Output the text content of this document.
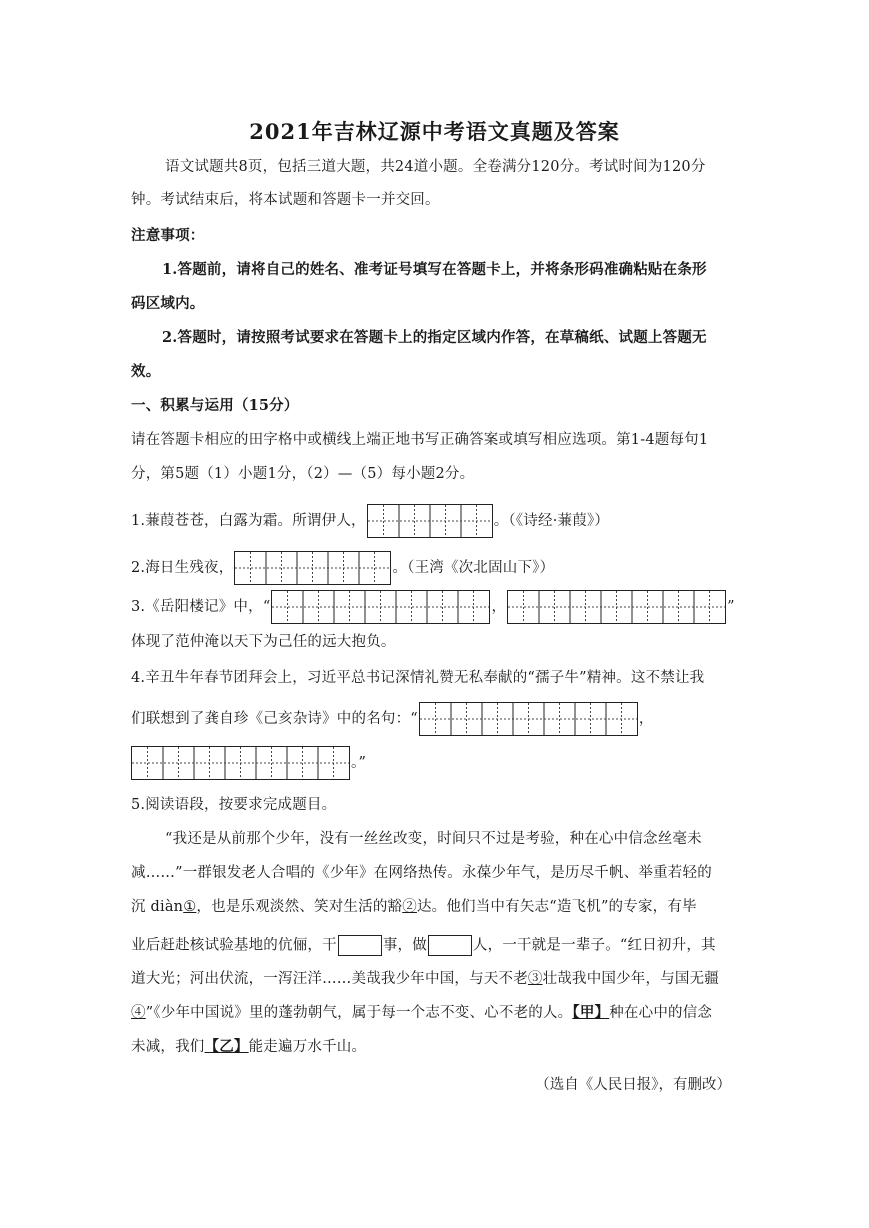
2021年吉林辽源中考语文真题及答案
语文试题共8页，包括三道大题，共24道小题。全卷满分120分。考试时间为120分
钟。考试结束后，将本试题和答题卡一并交回。
注意事项：
1.答题前，请将自己的姓名、准考证号填写在答题卡上，并将条形码准确粘贴在条形
码区域内。
2.答题时，请按照考试要求在答题卡上的指定区域内作答，在草稿纸、试题上答题无
效。
一、积累与运用（15分）
请在答题卡相应的田字格中或横线上端正地书写正确答案或填写相应选项。第1-4题每句1
分，第5题（1）小题1分，（2）—（5）每小题2分。
1.蒹葭苍苍，白露为霜。所谓伊人，	。（《诗经·蒹葭》）
2.海日生残夜，	。（王湾《次北固山下》）
3.《岳阳楼记》中，“	，	”
体现了范仲淹以天下为己任的远大抱负。
4.辛丑牛年春节团拜会上，习近平总书记深情礼赞无私奉献的“孺子牛”精神。这不禁让我
们联想到了龚自珍《己亥杂诗》中的名句：“	，
。”
5.阅读语段，按要求完成题目。
“我还是从前那个少年，没有一丝丝改变，时间只不过是考验，种在心中信念丝毫未
减……”一群银发老人合唱的《少年》在网络热传。永葆少年气，是历尽千帆、举重若轻的
沉 diàn①，也是乐观淡然、笑对生活的豁②达。他们当中有矢志“造飞机”的专家，有毕
业后赶赴核试验基地的伉俪，干	事，做	人，一干就是一辈子。“红日初升，其
道大光；河出伏流，一泻汪洋……美哉我少年中国，与天不老③壮哉我中国少年，与国无疆
④”《少年中国说》里的蓬勃朝气，属于每一个志不变、心不老的人。【甲】种在心中的信念
未减，我们【乙】能走遍万水千山。
（选自《人民日报》，有删改）
